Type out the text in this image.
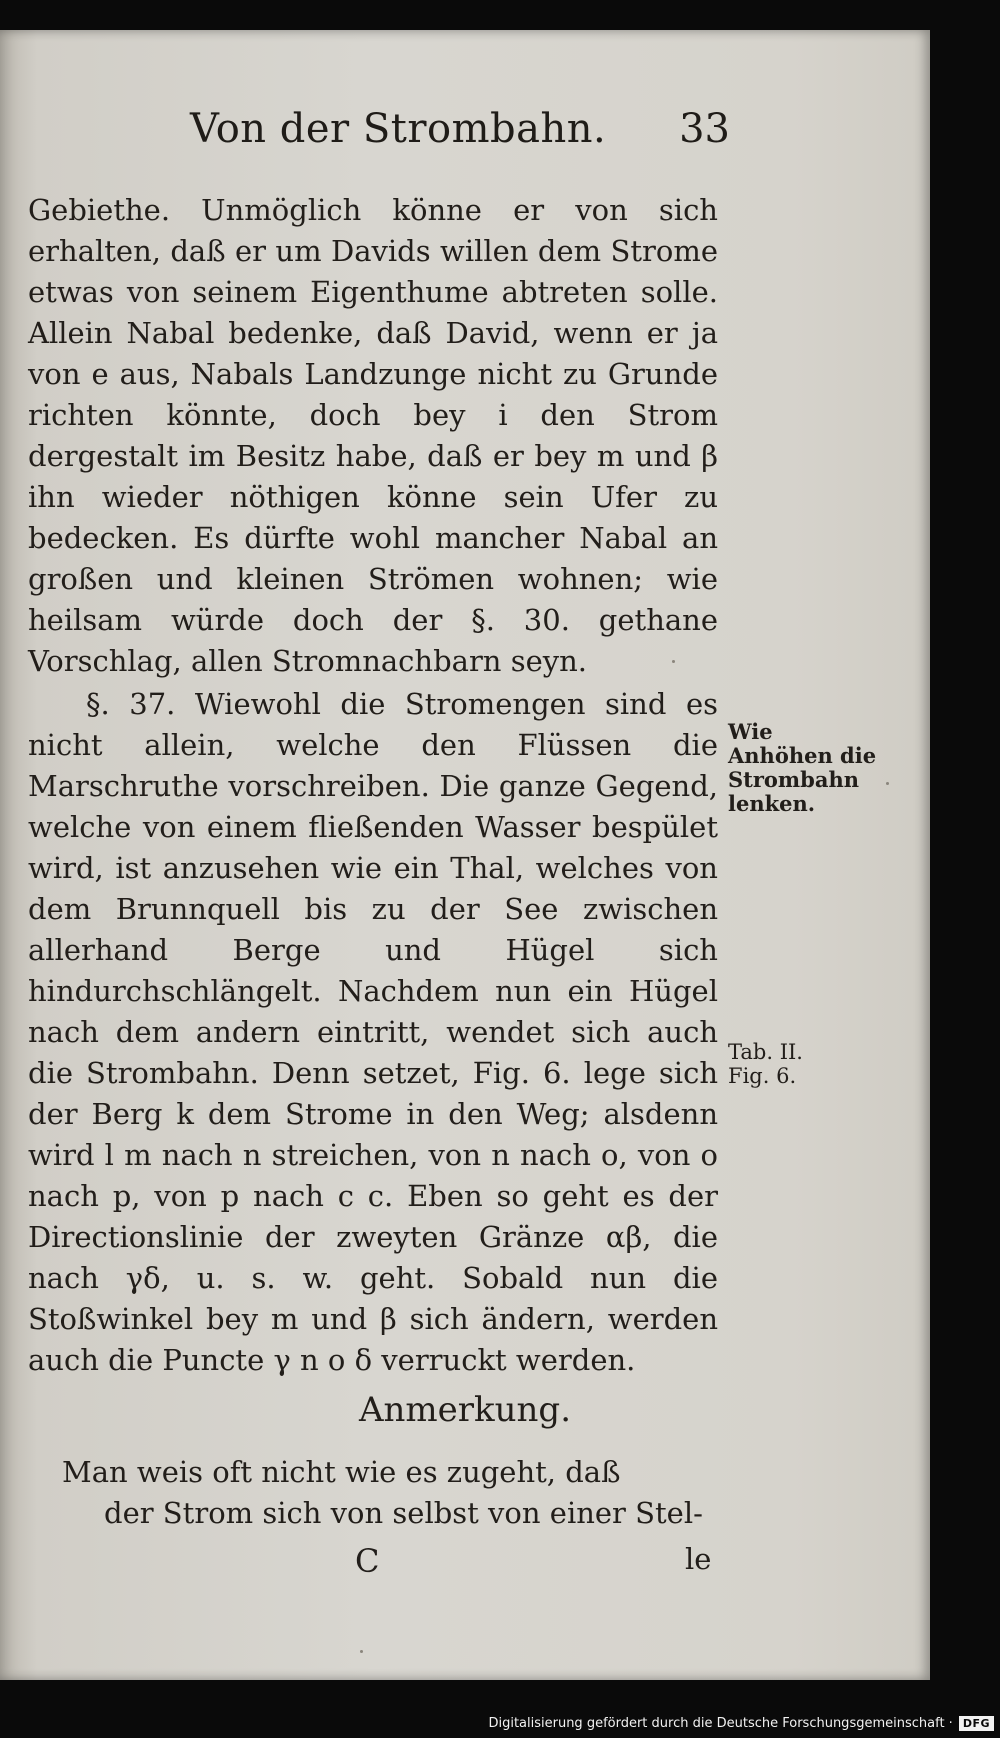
Von der Strombahn. 33

Gebiethe. Unmöglich könne er von sich erhalten, daß er um Davids willen dem Strome etwas von seinem Eigenthume abtreten solle. Allein Nabal bedenke, daß David, wenn er ja von e aus, Nabals Landzunge nicht zu Grunde richten könnte, doch bey i den Strom dergestalt im Besitz habe, daß er bey m und β ihn wieder nöthigen könne sein Ufer zu bedecken. Es dürfte wohl mancher Nabal an großen und kleinen Strömen wohnen; wie heilsam würde doch der §. 30. gethane Vorschlag, allen Stromnachbarn seyn.

§. 37. Wiewohl die Stromengen sind es nicht allein, welche den Flüssen die Marschruthe vorschreiben. Die ganze Gegend, welche von einem fließenden Wasser bespület wird, ist anzusehen wie ein Thal, welches von dem Brunnquell bis zu der See zwischen allerhand Berge und Hügel sich hindurchschlängelt. Nachdem nun ein Hügel nach dem andern eintritt, wendet sich auch die Strombahn. Denn setzet, Fig. 6. lege sich der Berg k dem Strome in den Weg; alsdenn wird l m nach n streichen, von n nach o, von o nach p, von p nach c c. Eben so geht es der Directionslinie der zweyten Gränze αβ, die nach γδ, u. s. w. geht. Sobald nun die Stoßwinkel bey m und β sich ändern, werden auch die Puncte γ n o δ verruckt werden.

Wie Anhöhen die Strombahn lenken.
Tab. II.
Fig. 6.
Anmerkung.

Man weis oft nicht wie es zugeht, daß

der Strom sich von selbst von einer Stel-

C	le
Digitalisierung gefördert durch die Deutsche Forschungsgemeinschaft · DFG
